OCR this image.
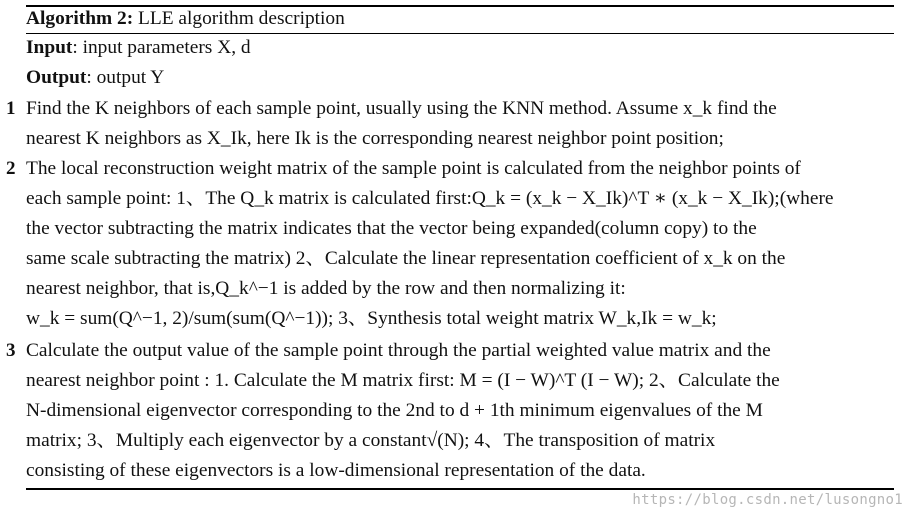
Algorithm 2: LLE algorithm description
Input: input parameters X, d
Output: output Y
1 Find the K neighbors of each sample point, usually using the KNN method. Assume x_k find the
nearest K neighbors as X_Ik, here Ik is the corresponding nearest neighbor point position;
2 The local reconstruction weight matrix of the sample point is calculated from the neighbor points of
each sample point: 1、The Q_k matrix is calculated first:Q_k = (x_k − X_Ik)^T ∗ (x_k − X_Ik);(where
the vector subtracting the matrix indicates that the vector being expanded(column copy) to the
same scale subtracting the matrix) 2、Calculate the linear representation coefficient of x_k on the
nearest neighbor, that is,Q_k^−1 is added by the row and then normalizing it:
w_k = sum(Q^−1, 2)/sum(sum(Q^−1)); 3、Synthesis total weight matrix W_k,Ik = w_k;
3 Calculate the output value of the sample point through the partial weighted value matrix and the
nearest neighbor point : 1. Calculate the M matrix first: M = (I − W)^T (I − W); 2、Calculate the
N-dimensional eigenvector corresponding to the 2nd to d + 1th minimum eigenvalues of the M
matrix; 3、Multiply each eigenvector by a constant√(N); 4、The transposition of matrix
consisting of these eigenvectors is a low-dimensional representation of the data.
https://blog.csdn.net/lusongno1
